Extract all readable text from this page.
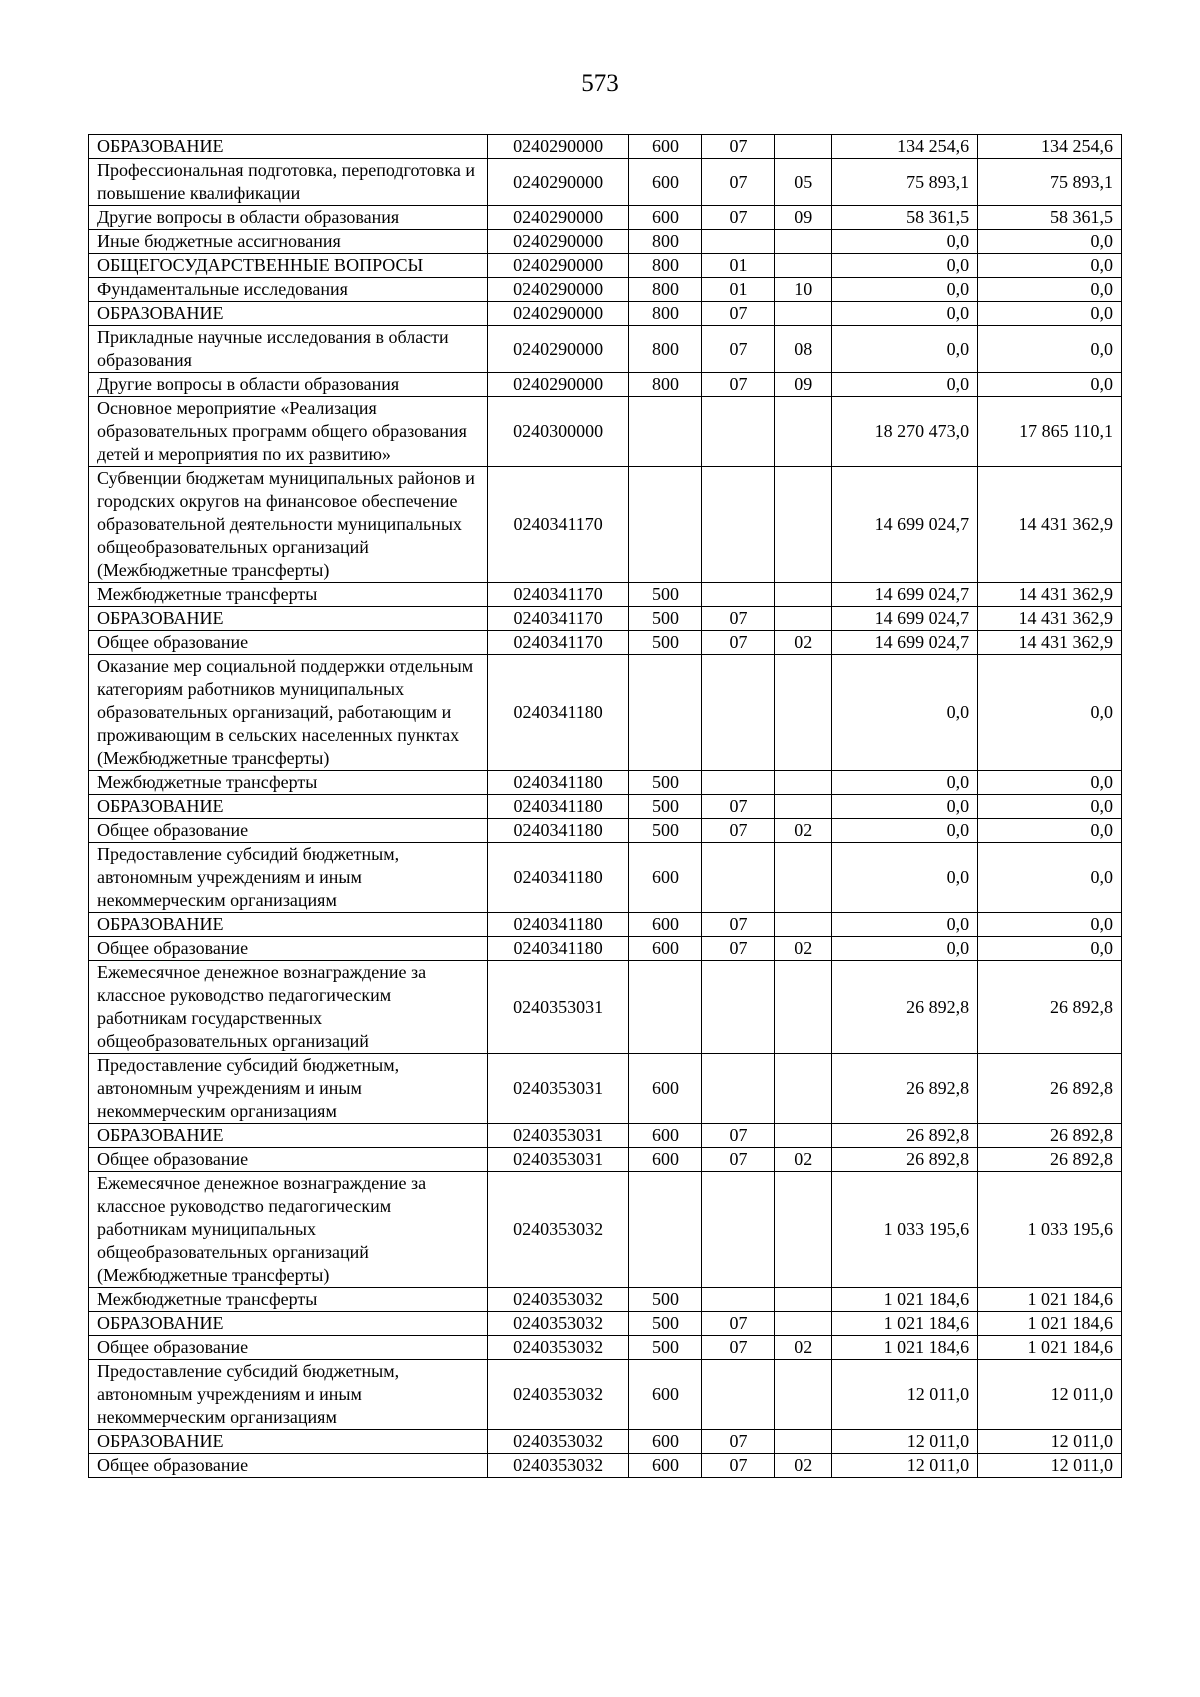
573
ОБРАЗОВАНИЕ	0240290000	600	07		134 254,6	134 254,6
Профессиональная подготовка, переподготовка и повышение квалификации	0240290000	600	07	05	75 893,1	75 893,1
Другие вопросы в области образования	0240290000	600	07	09	58 361,5	58 361,5
Иные бюджетные ассигнования	0240290000	800			0,0	0,0
ОБЩЕГОСУДАРСТВЕННЫЕ ВОПРОСЫ	0240290000	800	01		0,0	0,0
Фундаментальные исследования	0240290000	800	01	10	0,0	0,0
ОБРАЗОВАНИЕ	0240290000	800	07		0,0	0,0
Прикладные научные исследования в области образования	0240290000	800	07	08	0,0	0,0
Другие вопросы в области образования	0240290000	800	07	09	0,0	0,0
Основное мероприятие «Реализация образовательных программ общего образования детей и мероприятия по их развитию»	0240300000				18 270 473,0	17 865 110,1
Субвенции бюджетам муниципальных районов и городских округов на финансовое обеспечение образовательной деятельности муниципальных общеобразовательных организаций (Межбюджетные трансферты)	0240341170				14 699 024,7	14 431 362,9
Межбюджетные трансферты	0240341170	500			14 699 024,7	14 431 362,9
ОБРАЗОВАНИЕ	0240341170	500	07		14 699 024,7	14 431 362,9
Общее образование	0240341170	500	07	02	14 699 024,7	14 431 362,9
Оказание мер социальной поддержки отдельным категориям работников муниципальных образовательных организаций, работающим и проживающим в сельских населенных пунктах (Межбюджетные трансферты)	0240341180				0,0	0,0
Межбюджетные трансферты	0240341180	500			0,0	0,0
ОБРАЗОВАНИЕ	0240341180	500	07		0,0	0,0
Общее образование	0240341180	500	07	02	0,0	0,0
Предоставление субсидий бюджетным, автономным учреждениям и иным некоммерческим организациям	0240341180	600			0,0	0,0
ОБРАЗОВАНИЕ	0240341180	600	07		0,0	0,0
Общее образование	0240341180	600	07	02	0,0	0,0
Ежемесячное денежное вознаграждение за классное руководство педагогическим работникам государственных общеобразовательных организаций	0240353031				26 892,8	26 892,8
Предоставление субсидий бюджетным, автономным учреждениям и иным некоммерческим организациям	0240353031	600			26 892,8	26 892,8
ОБРАЗОВАНИЕ	0240353031	600	07		26 892,8	26 892,8
Общее образование	0240353031	600	07	02	26 892,8	26 892,8
Ежемесячное денежное вознаграждение за классное руководство педагогическим работникам муниципальных общеобразовательных организаций (Межбюджетные трансферты)	0240353032				1 033 195,6	1 033 195,6
Межбюджетные трансферты	0240353032	500			1 021 184,6	1 021 184,6
ОБРАЗОВАНИЕ	0240353032	500	07		1 021 184,6	1 021 184,6
Общее образование	0240353032	500	07	02	1 021 184,6	1 021 184,6
Предоставление субсидий бюджетным, автономным учреждениям и иным некоммерческим организациям	0240353032	600			12 011,0	12 011,0
ОБРАЗОВАНИЕ	0240353032	600	07		12 011,0	12 011,0
Общее образование	0240353032	600	07	02	12 011,0	12 011,0
